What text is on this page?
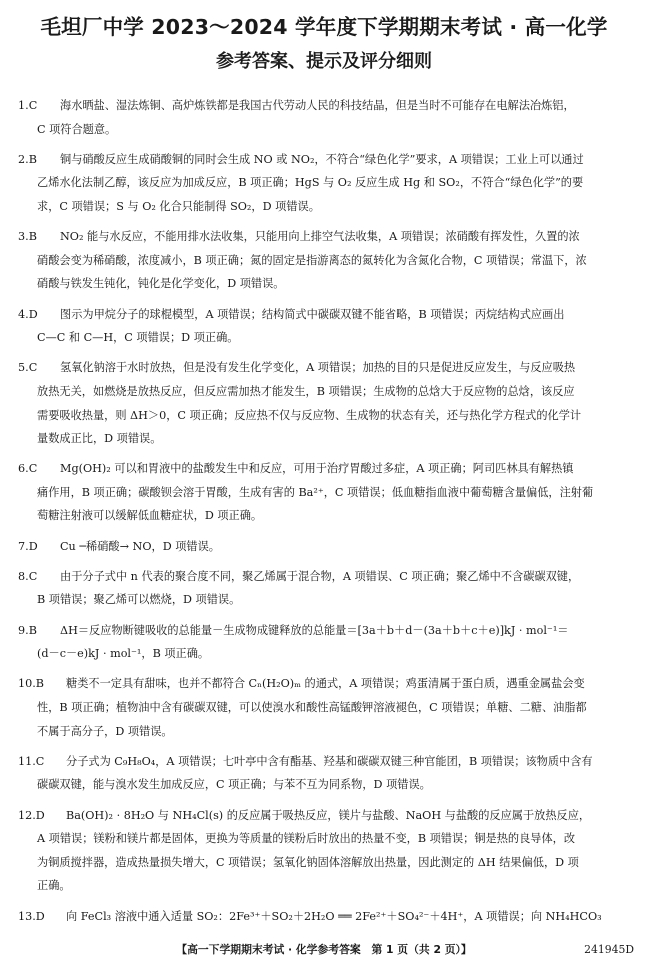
毛坦厂中学 2023～2024 学年度下学期期末考试 · 高一化学
参考答案、提示及评分细则
1.C 海水晒盐、湿法炼铜、高炉炼铁都是我国古代劳动人民的科技结晶，但是当时不可能存在电解法冶炼铝，
C 项符合题意。
2.B 铜与硝酸反应生成硝酸铜的同时会生成 NO 或 NO₂，不符合“绿色化学”要求，A 项错误；工业上可以通过
乙烯水化法制乙醇，该反应为加成反应，B 项正确；HgS 与 O₂ 反应生成 Hg 和 SO₂，不符合“绿色化学”的要
求，C 项错误；S 与 O₂ 化合只能制得 SO₂，D 项错误。
3.B NO₂ 能与水反应，不能用排水法收集，只能用向上排空气法收集，A 项错误；浓硝酸有挥发性，久置的浓
硝酸会变为稀硝酸，浓度减小，B 项正确；氮的固定是指游离态的氮转化为含氮化合物，C 项错误；常温下，浓
硝酸与铁发生钝化，钝化是化学变化，D 项错误。
4.D 图示为甲烷分子的球棍模型，A 项错误；结构简式中碳碳双键不能省略，B 项错误；丙烷结构式应画出
C—C 和 C—H，C 项错误；D 项正确。
5.C 氢氧化钠溶于水时放热，但是没有发生化学变化，A 项错误；加热的目的只是促进反应发生，与反应吸热
放热无关，如燃烧是放热反应，但反应需加热才能发生，B 项错误；生成物的总焓大于反应物的总焓，该反应
需要吸收热量，则 ΔH＞0，C 项正确；反应热不仅与反应物、生成物的状态有关，还与热化学方程式的化学计
量数成正比，D 项错误。
6.C Mg(OH)₂ 可以和胃液中的盐酸发生中和反应，可用于治疗胃酸过多症，A 项正确；阿司匹林具有解热镇
痛作用，B 项正确；碳酸钡会溶于胃酸，生成有害的 Ba²⁺，C 项错误；低血糖指血液中葡萄糖含量偏低，注射葡
萄糖注射液可以缓解低血糖症状，D 项正确。
7.D Cu ─稀硝酸→ NO，D 项错误。
8.C 由于分子式中 n 代表的聚合度不同，聚乙烯属于混合物，A 项错误、C 项正确；聚乙烯中不含碳碳双键，
B 项错误；聚乙烯可以燃烧，D 项错误。
9.B ΔH＝反应物断键吸收的总能量－生成物成键释放的总能量＝[3a＋b＋d－(3a＋b＋c＋e)]kJ · mol⁻¹＝
(d－c－e)kJ · mol⁻¹，B 项正确。
10.B 糖类不一定具有甜味，也并不都符合 Cₙ(H₂O)ₘ 的通式，A 项错误；鸡蛋清属于蛋白质，遇重金属盐会变
性，B 项正确；植物油中含有碳碳双键，可以使溴水和酸性高锰酸钾溶液褪色，C 项错误；单糖、二糖、油脂都
不属于高分子，D 项错误。
11.C 分子式为 C₉H₈O₄，A 项错误；七叶亭中含有酯基、羟基和碳碳双键三种官能团，B 项错误；该物质中含有
碳碳双键，能与溴水发生加成反应，C 项正确；与苯不互为同系物，D 项错误。
12.D Ba(OH)₂ · 8H₂O 与 NH₄Cl(s) 的反应属于吸热反应，镁片与盐酸、NaOH 与盐酸的反应属于放热反应，
A 项错误；镁粉和镁片都是固体，更换为等质量的镁粉后时放出的热量不变，B 项错误；铜是热的良导体，改
为铜质搅拌器，造成热量损失增大，C 项错误；氢氧化钠固体溶解放出热量，因此测定的 ΔH 结果偏低，D 项
正确。
13.D 向 FeCl₃ 溶液中通入适量 SO₂：2Fe³⁺＋SO₂＋2H₂O ══ 2Fe²⁺＋SO₄²⁻＋4H⁺，A 项错误；向 NH₄HCO₃
【高一下学期期末考试 · 化学参考答案　第 1 页（共 2 页）】	241945D
